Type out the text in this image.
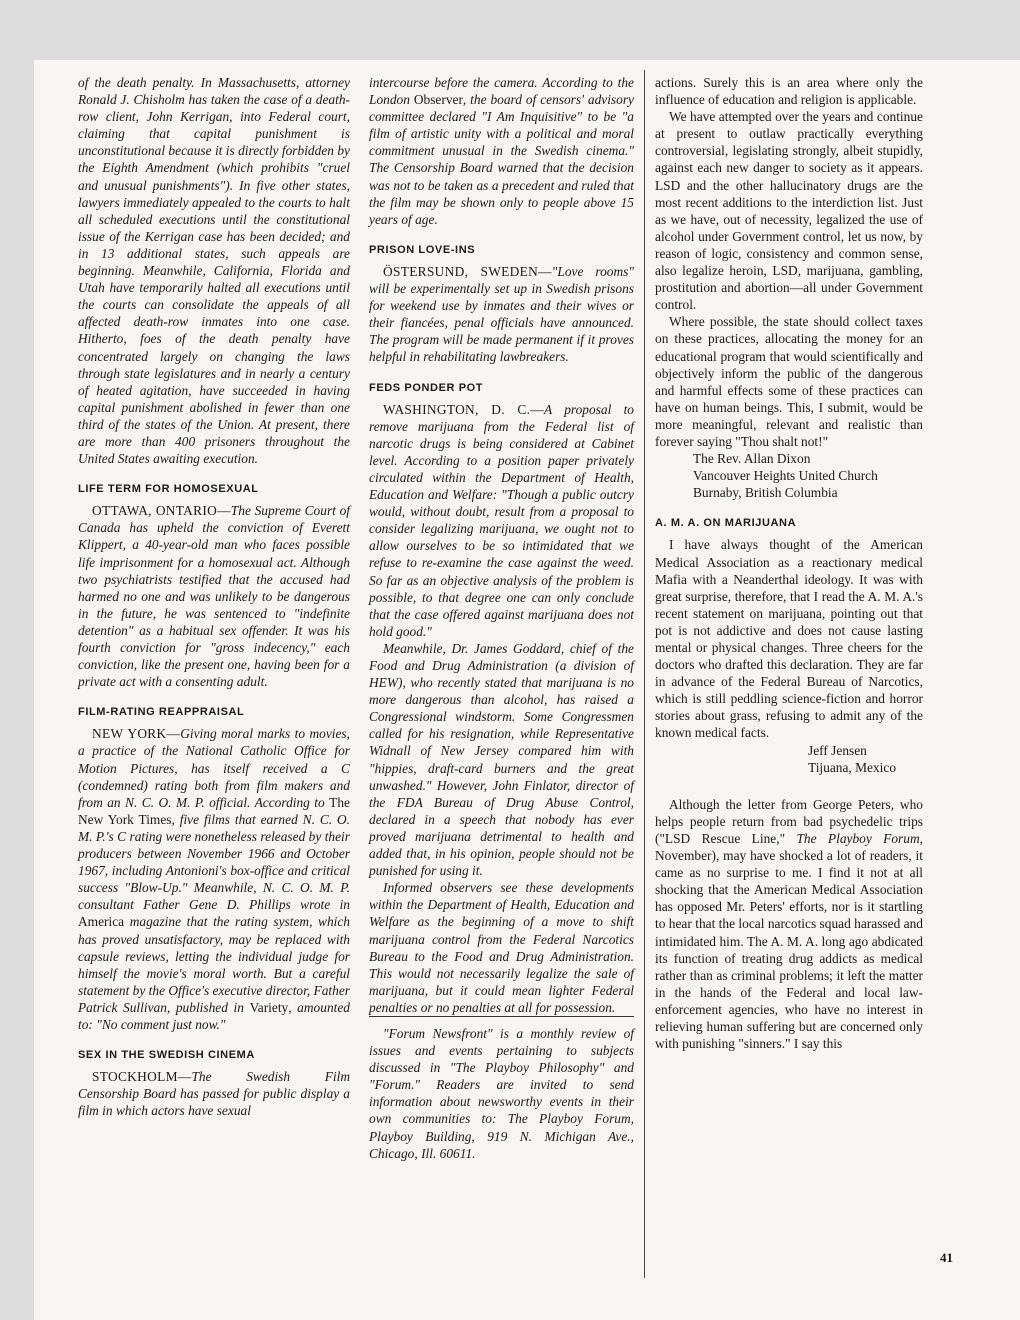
of the death penalty. In Massachusetts, attorney Ronald J. Chisholm has taken the case of a death-row client, John Kerrigan, into Federal court, claiming that capital punishment is unconstitutional because it is directly forbidden by the Eighth Amendment (which prohibits "cruel and unusual punishments"). In five other states, lawyers immediately appealed to the courts to halt all scheduled executions until the constitutional issue of the Kerrigan case has been decided; and in 13 additional states, such appeals are beginning. Meanwhile, California, Florida and Utah have temporarily halted all executions until the courts can consolidate the appeals of all affected death-row inmates into one case. Hitherto, foes of the death penalty have concentrated largely on changing the laws through state legislatures and in nearly a century of heated agitation, have succeeded in having capital punishment abolished in fewer than one third of the states of the Union. At present, there are more than 400 prisoners throughout the United States awaiting execution.

LIFE TERM FOR HOMOSEXUAL

OTTAWA, ONTARIO—The Supreme Court of Canada has upheld the conviction of Everett Klippert, a 40-year-old man who faces possible life imprisonment for a homosexual act. Although two psychiatrists testified that the accused had harmed no one and was unlikely to be dangerous in the future, he was sentenced to "indefinite detention" as a habitual sex offender. It was his fourth conviction for "gross indecency," each conviction, like the present one, having been for a private act with a consenting adult.

FILM-RATING REAPPRAISAL

NEW YORK—Giving moral marks to movies, a practice of the National Catholic Office for Motion Pictures, has itself received a C (condemned) rating both from film makers and from an N. C. O. M. P. official. According to The New York Times, five films that earned N. C. O. M. P.'s C rating were nonetheless released by their producers between November 1966 and October 1967, including Antonioni's box-office and critical success "Blow-Up." Meanwhile, N. C. O. M. P. consultant Father Gene D. Phillips wrote in America magazine that the rating system, which has proved unsatisfactory, may be replaced with capsule reviews, letting the individual judge for himself the movie's moral worth. But a careful statement by the Office's executive director, Father Patrick Sullivan, published in Variety, amounted to: "No comment just now."

SEX IN THE SWEDISH CINEMA

STOCKHOLM—The Swedish Film Censorship Board has passed for public display a film in which actors have sexual

intercourse before the camera. According to the London Observer, the board of censors' advisory committee declared "I Am Inquisitive" to be "a film of artistic unity with a political and moral commitment unusual in the Swedish cinema." The Censorship Board warned that the decision was not to be taken as a precedent and ruled that the film may be shown only to people above 15 years of age.

PRISON LOVE-INS

ÖSTERSUND, SWEDEN—"Love rooms" will be experimentally set up in Swedish prisons for weekend use by inmates and their wives or their fiancées, penal officials have announced. The program will be made permanent if it proves helpful in rehabilitating lawbreakers.

FEDS PONDER POT

WASHINGTON, D. C.—A proposal to remove marijuana from the Federal list of narcotic drugs is being considered at Cabinet level. According to a position paper privately circulated within the Department of Health, Education and Welfare: "Though a public outcry would, without doubt, result from a proposal to consider legalizing marijuana, we ought not to allow ourselves to be so intimidated that we refuse to re-examine the case against the weed. So far as an objective analysis of the problem is possible, to that degree one can only conclude that the case offered against marijuana does not hold good."

Meanwhile, Dr. James Goddard, chief of the Food and Drug Administration (a division of HEW), who recently stated that marijuana is no more dangerous than alcohol, has raised a Congressional windstorm. Some Congressmen called for his resignation, while Representative Widnall of New Jersey compared him with "hippies, draft-card burners and the great unwashed." However, John Finlator, director of the FDA Bureau of Drug Abuse Control, declared in a speech that nobody has ever proved marijuana detrimental to health and added that, in his opinion, people should not be punished for using it.

Informed observers see these developments within the Department of Health, Education and Welfare as the beginning of a move to shift marijuana control from the Federal Narcotics Bureau to the Food and Drug Administration. This would not necessarily legalize the sale of marijuana, but it could mean lighter Federal penalties or no penalties at all for possession.

"Forum Newsfront" is a monthly review of issues and events pertaining to subjects discussed in "The Playboy Philosophy" and "Forum." Readers are invited to send information about newsworthy events in their own communities to: The Playboy Forum, Playboy Building, 919 N. Michigan Ave., Chicago, Ill. 60611.

actions. Surely this is an area where only the influence of education and religion is applicable.

We have attempted over the years and continue at present to outlaw practically everything controversial, legislating strongly, albeit stupidly, against each new danger to society as it appears. LSD and the other hallucinatory drugs are the most recent additions to the interdiction list. Just as we have, out of necessity, legalized the use of alcohol under Government control, let us now, by reason of logic, consistency and common sense, also legalize heroin, LSD, marijuana, gambling, prostitution and abortion—all under Government control.

Where possible, the state should collect taxes on these practices, allocating the money for an educational program that would scientifically and objectively inform the public of the dangerous and harmful effects some of these practices can have on human beings. This, I submit, would be more meaningful, relevant and realistic than forever saying "Thou shalt not!"

The Rev. Allan Dixon

Vancouver Heights United Church

Burnaby, British Columbia

A. M. A. ON MARIJUANA

I have always thought of the American Medical Association as a reactionary medical Mafia with a Neanderthal ideology. It was with great surprise, therefore, that I read the A. M. A.'s recent statement on marijuana, pointing out that pot is not addictive and does not cause lasting mental or physical changes. Three cheers for the doctors who drafted this declaration. They are far in advance of the Federal Bureau of Narcotics, which is still peddling science-fiction and horror stories about grass, refusing to admit any of the known medical facts.

Jeff Jensen

Tijuana, Mexico

Although the letter from George Peters, who helps people return from bad psychedelic trips ("LSD Rescue Line," The Playboy Forum, November), may have shocked a lot of readers, it came as no surprise to me. I find it not at all shocking that the American Medical Association has opposed Mr. Peters' efforts, nor is it startling to hear that the local narcotics squad harassed and intimidated him. The A. M. A. long ago abdicated its function of treating drug addicts as medical rather than as criminal problems; it left the matter in the hands of the Federal and local law-enforcement agencies, who have no interest in relieving human suffering but are concerned only with punishing "sinners." I say this

41
